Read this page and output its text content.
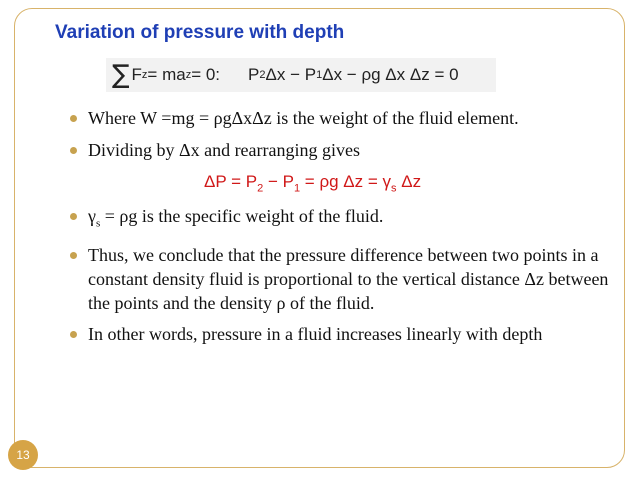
Variation of pressure with depth
∑ F z = ma z = 0: P 2 Δx − P 1 Δx − ρg Δx Δz = 0
Where W =mg = ρgΔxΔz is the weight of the fluid element.
Dividing by Δx and rearranging gives
$\Delta P = P_2 - P_1 = \rho g$ $\Delta z = \gamma_s$ Δz
$\gamma_s = \rho g$ is the specific weight of the fluid.
Thus, we conclude that the pressure difference between two points in a constant density fluid is proportional to the vertical distance Δz between the points and the density ρ of the fluid.
In other words, pressure in a fluid increases linearly with depth
13
